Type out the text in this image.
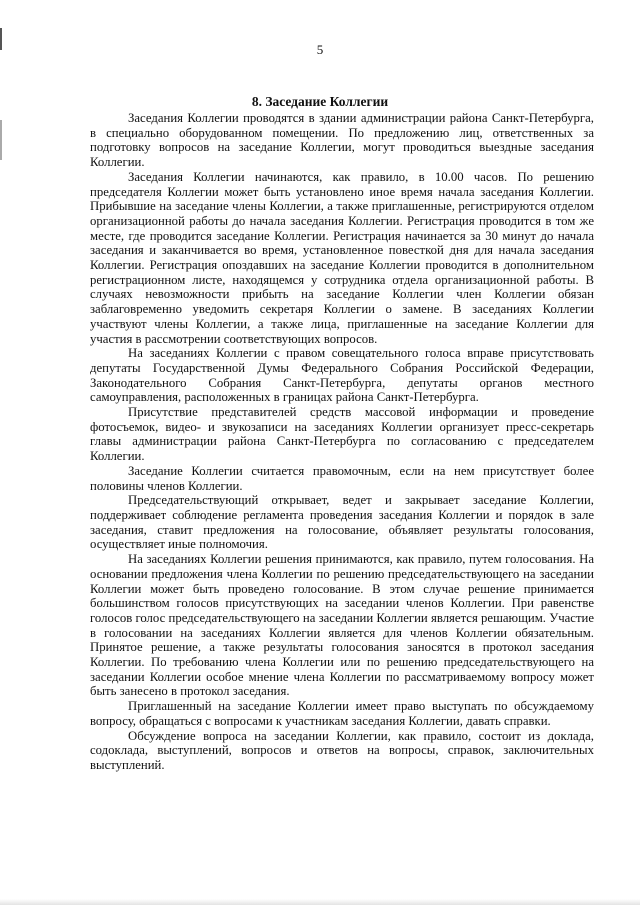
5
8. Заседание Коллегии

Заседания Коллегии проводятся в здании администрации района Санкт-Петербурга, в специально оборудованном помещении. По предложению лиц, ответственных за подготовку вопросов на заседание Коллегии, могут проводиться выездные заседания Коллегии.

Заседания Коллегии начинаются, как правило, в 10.00 часов. По решению председателя Коллегии может быть установлено иное время начала заседания Коллегии. Прибывшие на заседание члены Коллегии, а также приглашенные, регистрируются отделом организационной работы до начала заседания Коллегии. Регистрация проводится в том же месте, где проводится заседание Коллегии. Регистрация начинается за 30 минут до начала заседания и заканчивается во время, установленное повесткой дня для начала заседания Коллегии. Регистрация опоздавших на заседание Коллегии проводится в дополнительном регистрационном листе, находящемся у сотрудника отдела организационной работы. В случаях невозможности прибыть на заседание Коллегии член Коллегии обязан заблаговременно уведомить секретаря Коллегии о замене. В заседаниях Коллегии участвуют члены Коллегии, а также лица, приглашенные на заседание Коллегии для участия в рассмотрении соответствующих вопросов.

На заседаниях Коллегии с правом совещательного голоса вправе присутствовать депутаты Государственной Думы Федерального Собрания Российской Федерации, Законодательного Собрания Санкт-Петербурга, депутаты органов местного самоуправления, расположенных в границах района Санкт-Петербурга.

Присутствие представителей средств массовой информации и проведение фотосъемок, видео- и звукозаписи на заседаниях Коллегии организует пресс-секретарь главы администрации района Санкт-Петербурга по согласованию с председателем Коллегии.

Заседание Коллегии считается правомочным, если на нем присутствует более половины членов Коллегии.

Председательствующий открывает, ведет и закрывает заседание Коллегии, поддерживает соблюдение регламента проведения заседания Коллегии и порядок в зале заседания, ставит предложения на голосование, объявляет результаты голосования, осуществляет иные полномочия.

На заседаниях Коллегии решения принимаются, как правило, путем голосования. На основании предложения члена Коллегии по решению председательствующего на заседании Коллегии может быть проведено голосование. В этом случае решение принимается большинством голосов присутствующих на заседании членов Коллегии. При равенстве голосов голос председательствующего на заседании Коллегии является решающим. Участие в голосовании на заседаниях Коллегии является для членов Коллегии обязательным. Принятое решение, а также результаты голосования заносятся в протокол заседания Коллегии. По требованию члена Коллегии или по решению председательствующего на заседании Коллегии особое мнение члена Коллегии по рассматриваемому вопросу может быть занесено в протокол заседания.

Приглашенный на заседание Коллегии имеет право выступать по обсуждаемому вопросу, обращаться с вопросами к участникам заседания Коллегии, давать справки.

Обсуждение вопроса на заседании Коллегии, как правило, состоит из доклада, содоклада, выступлений, вопросов и ответов на вопросы, справок, заключительных выступлений.
